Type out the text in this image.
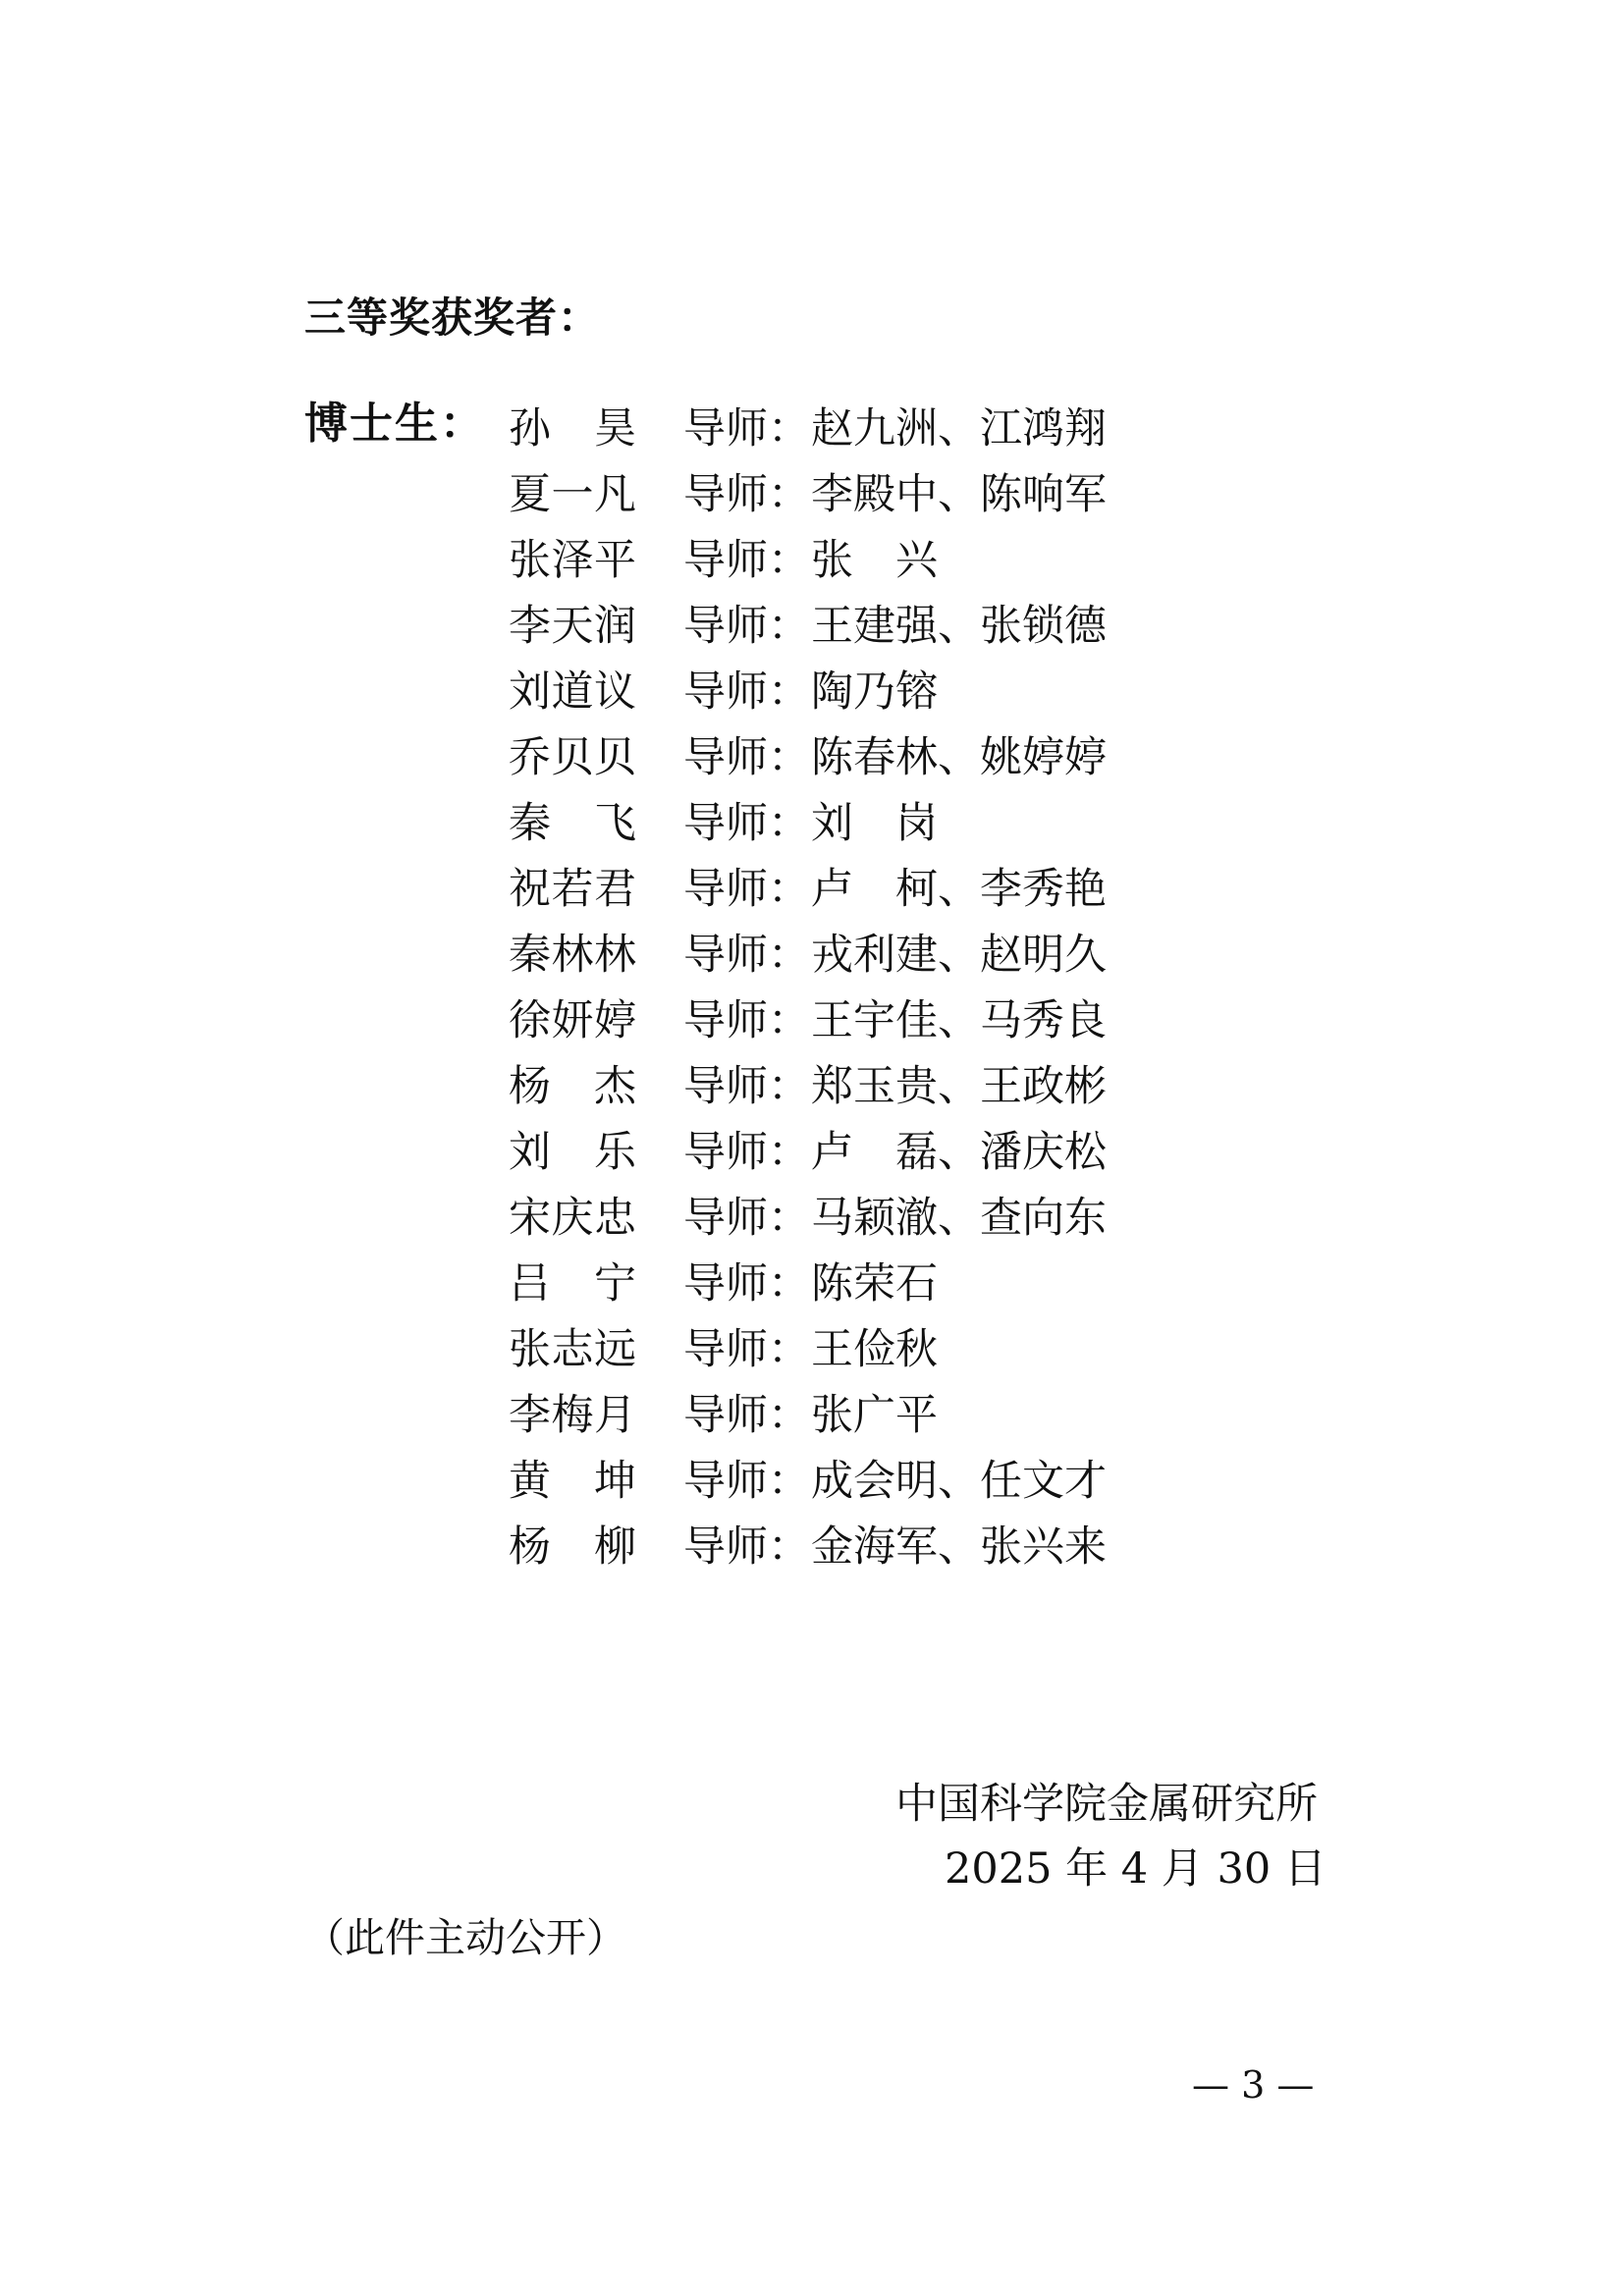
三等奖获奖者：
博士生： 孙　昊 导师： 赵九洲、江鸿翔
夏一凡 导师： 李殿中、陈响军
张泽平 导师： 张　兴
李天润 导师： 王建强、张锁德
刘道议 导师： 陶乃镕
乔贝贝 导师： 陈春林、姚婷婷
秦　飞 导师： 刘　岗
祝若君 导师： 卢　柯、李秀艳
秦林林 导师： 戎利建、赵明久
徐妍婷 导师： 王宇佳、马秀良
杨　杰 导师： 郑玉贵、王政彬
刘　乐 导师： 卢　磊、潘庆松
宋庆忠 导师： 马颖澈、查向东
吕　宁 导师： 陈荣石
张志远 导师： 王俭秋
李梅月 导师： 张广平
黄　坤 导师： 成会明、任文才
杨　柳 导师： 金海军、张兴来
中国科学院金属研究所
2025 年 4 月 30 日
（此件主动公开）
— 3 —
